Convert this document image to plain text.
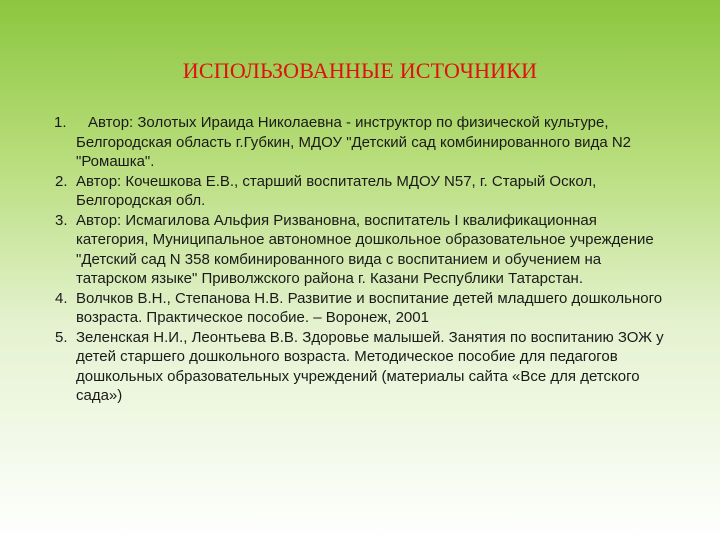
ИСПОЛЬЗОВАННЫЕ ИСТОЧНИКИ
1. Автор: Золотых Ираида Николаевна - инструктор по физической культуре, Белгородская область г.Губкин, МДОУ "Детский сад комбинированного вида N2 "Ромашка".
2. Автор: Кочешкова Е.В., старший воспитатель МДОУ N57, г. Старый Оскол, Белгородская обл.
3. Автор: Исмагилова Альфия Ризвановна, воспитатель I квалификационная категория, Муниципальное автономное дошкольное образовательное учреждение "Детский сад N 358 комбинированного вида с воспитанием и обучением на татарском языке" Приволжского района г. Казани Республики Татарстан.
4. Волчков В.Н., Степанова Н.В. Развитие и воспитание детей младшего дошкольного возраста. Практическое пособие. – Воронеж, 2001
5. Зеленская Н.И., Леонтьева В.В. Здоровье малышей. Занятия по воспитанию ЗОЖ у детей старшего дошкольного возраста. Методическое пособие для педагогов дошкольных образовательных учреждений (материалы сайта «Все для детского сада»)
